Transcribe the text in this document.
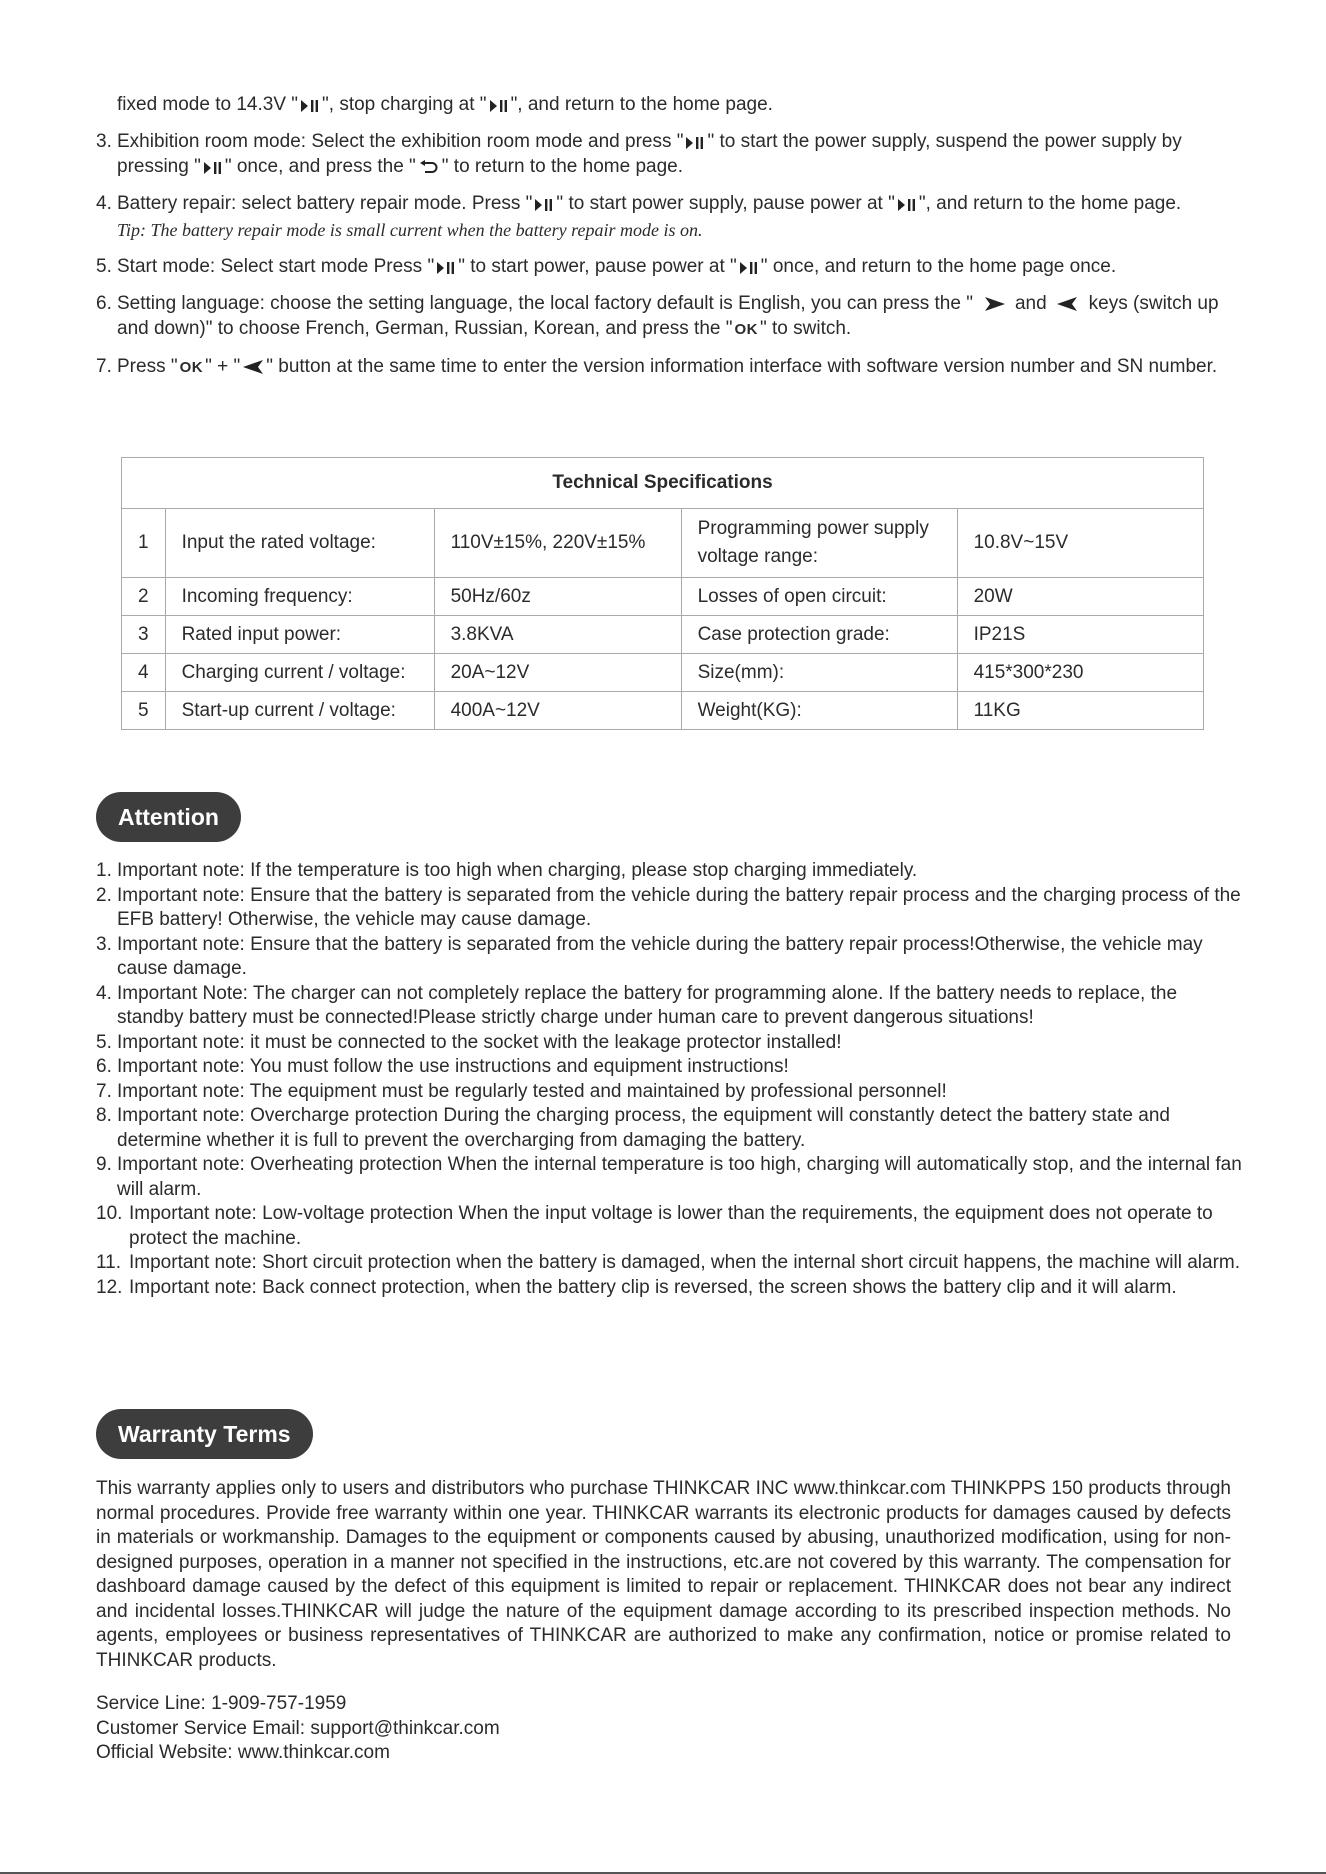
fixed mode to 14.3V " ", stop charging at " ", and return to the home page.
3. Exhibition room mode: Select the exhibition room mode and press " " to start the power supply, suspend the power supply by pressing " " once, and press the " " to return to the home page.
4. Battery repair: select battery repair mode. Press " " to start power supply, pause power at " ", and return to the home page.
Tip: The battery repair mode is small current when the battery repair mode is on.
5. Start mode: Select start mode Press " " to start power, pause power at " " once, and return to the home page once.
6. Setting language: choose the setting language, the local factory default is English, you can press the " and keys (switch up and down)" to choose French, German, Russian, Korean, and press the " OK " to switch.
7. Press " OK " + " " button at the same time to enter the version information interface with software version number and SN number.
Technical Specifications				
1	Input the rated voltage:	110V±15%, 220V±15%	Programming power supply voltage range:	10.8V~15V
2	Incoming frequency:	50Hz/60z	Losses of open circuit:	20W
3	Rated input power:	3.8KVA	Case protection grade:	IP21S
4	Charging current / voltage:	20A~12V	Size(mm):	415*300*230
5	Start-up current / voltage:	400A~12V	Weight(KG):	11KG
Attention
1. Important note: If the temperature is too high when charging, please stop charging immediately.
2. Important note: Ensure that the battery is separated from the vehicle during the battery repair process and the charging process of the EFB battery! Otherwise, the vehicle may cause damage.
3. Important note: Ensure that the battery is separated from the vehicle during the battery repair process!Otherwise, the vehicle may cause damage.
4. Important Note: The charger can not completely replace the battery for programming alone. If the battery needs to replace, the standby battery must be connected!Please strictly charge under human care to prevent dangerous situations!
5. Important note: it must be connected to the socket with the leakage protector installed!
6. Important note: You must follow the use instructions and equipment instructions!
7. Important note: The equipment must be regularly tested and maintained by professional personnel!
8. Important note: Overcharge protection During the charging process, the equipment will constantly detect the battery state and determine whether it is full to prevent the overcharging from damaging the battery.
9. Important note: Overheating protection When the internal temperature is too high, charging will automatically stop, and the internal fan will alarm.
10. Important note: Low-voltage protection When the input voltage is lower than the requirements, the equipment does not operate to protect the machine.
11. Important note: Short circuit protection when the battery is damaged, when the internal short circuit happens, the machine will alarm.
12. Important note: Back connect protection, when the battery clip is reversed, the screen shows the battery clip and it will alarm.
Warranty Terms

This warranty applies only to users and distributors who purchase THINKCAR INC www.thinkcar.com THINKPPS 150 products through normal procedures. Provide free warranty within one year. THINKCAR warrants its electronic products for damages caused by defects in materials or workmanship. Damages to the equipment or components caused by abusing, unauthorized modification, using for non-designed purposes, operation in a manner not specified in the instructions, etc.are not covered by this warranty. The compensation for dashboard damage caused by the defect of this equipment is limited to repair or replacement. THINKCAR does not bear any indirect and incidental losses.THINKCAR will judge the nature of the equipment damage according to its prescribed inspection methods. No agents, employees or business representatives of THINKCAR are authorized to make any confirmation, notice or promise related to THINKCAR products.

Service Line: 1-909-757-1959
Customer Service Email: support@thinkcar.com
Official Website: www.thinkcar.com
